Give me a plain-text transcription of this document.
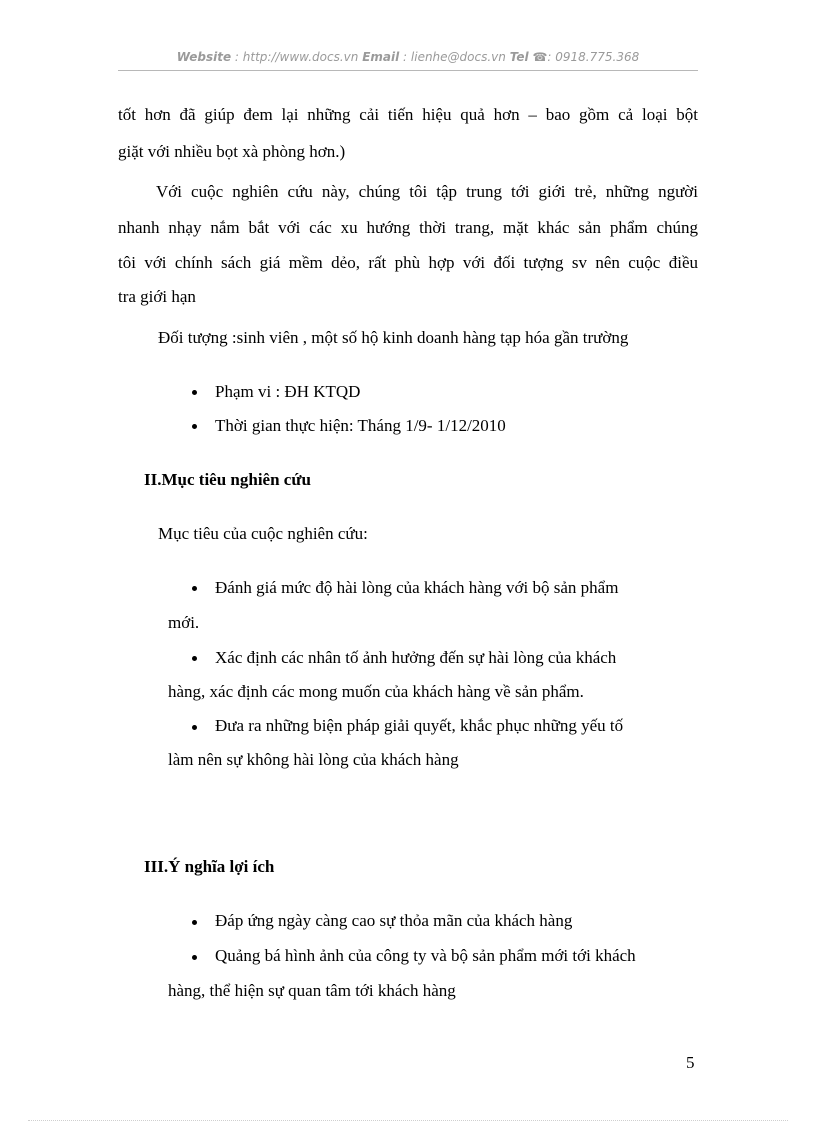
Website : http://www.docs.vn Email : lienhe@docs.vn Tel ☎: 0918.775.368
tốt hơn đã giúp đem lại những cải tiến hiệu quả hơn – bao gồm cả loại bột
giặt với nhiều bọt xà phòng hơn.)
Với cuộc nghiên cứu này, chúng tôi tập trung tới giới trẻ, những người
nhanh nhạy nắm bắt với các xu hướng thời trang, mặt khác sản phẩm chúng
tôi với chính sách giá mềm dẻo, rất phù hợp với đối tượng sv nên cuộc điều
tra giới hạn
Đối tượng :sinh viên , một số hộ kinh doanh hàng tạp hóa gần trường
Phạm vi : ĐH KTQD
Thời gian thực hiện: Tháng 1/9- 1/12/2010
II.Mục tiêu nghiên cứu
Mục tiêu của cuộc nghiên cứu:
Đánh giá mức độ hài lòng của khách hàng với bộ sản phẩm
mới.
Xác định các nhân tố ảnh hưởng đến sự hài lòng của khách
hàng, xác định các mong muốn của khách hàng về sản phẩm.
Đưa ra những biện pháp giải quyết, khắc phục những yếu tố
làm nên sự không hài lòng của khách hàng
III.Ý nghĩa lợi ích
Đáp ứng ngày càng cao sự thỏa mãn của khách hàng
Quảng bá hình ảnh của công ty và bộ sản phẩm mới tới khách
hàng, thể hiện sự quan tâm tới khách hàng
5
